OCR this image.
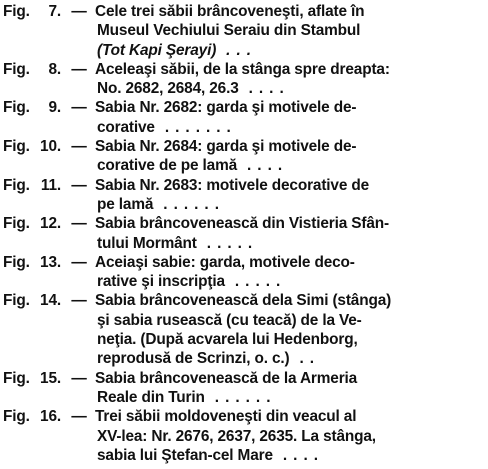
Fig. 7. — Cele trei săbii brâncoveneşti, aflate în
Museul Vechiului Seraiu din Stambul
(Tot Kapi Şerayi) ...
Fig. 8. — Aceleaşi săbii, de la stânga spre dreapta:
No. 2682, 2684, 26.3 ....
Fig. 9. — Sabia Nr. 2682: garda şi motivele de-
corative .......
Fig. 10. — Sabia Nr. 2684: garda şi motivele de-
corative de pe lamă ....
Fig. 11. — Sabia Nr. 2683: motivele decorative de
pe lamă ......
Fig. 12. — Sabia brâncovenească din Vistieria Sfân-
tului Mormânt .....
Fig. 13. — Aceiaşi sabie: garda, motivele deco-
rative şi inscripţia .....
Fig. 14. — Sabia brâncovenească dela Simi (stânga)
şi sabia rusească (cu teacă) de la Ve-
neţia. (După acvarela lui Hedenborg,
reprodusă de Scrinzi, o. c.) ..
Fig. 15. — Sabia brâncovenească de la Armeria
Reale din Turin ......
Fig. 16. — Trei săbii moldoveneşti din veacul al
XV-lea: Nr. 2676, 2637, 2635. La stânga,
sabia lui Ştefan-cel Mare ....
